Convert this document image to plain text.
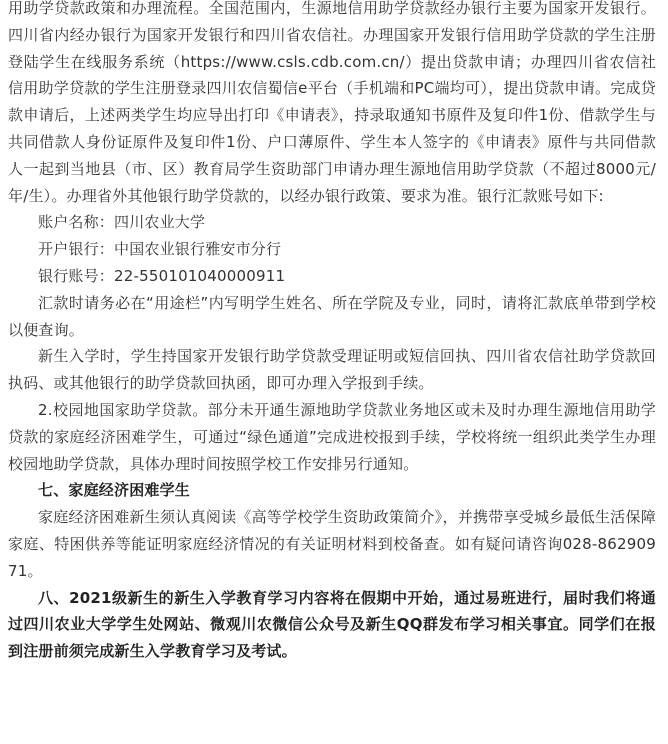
用助学贷款政策和办理流程。全国范围内，生源地信用助学贷款经办银行主要为国家开发银行。四川省内经办银行为国家开发银行和四川省农信社。办理国家开发银行信用助学贷款的学生注册登陆学生在线服务系统（https://www.csls.cdb.com.cn/）提出贷款申请；办理四川省农信社信用助学贷款的学生注册登录四川农信蜀信e平台（手机端和PC端均可），提出贷款申请。完成贷款申请后，上述两类学生均应导出打印《申请表》，持录取通知书原件及复印件1份、借款学生与共同借款人身份证原件及复印件1份、户口薄原件、学生本人签字的《申请表》原件与共同借款人一起到当地县（市、区）教育局学生资助部门申请办理生源地信用助学贷款（不超过8000元/年/生）。办理省外其他银行助学贷款的，以经办银行政策、要求为准。银行汇款账号如下:

账户名称：四川农业大学

开户银行：中国农业银行雅安市分行

银行账号：22-550101040000911

汇款时请务必在“用途栏”内写明学生姓名、所在学院及专业，同时，请将汇款底单带到学校以便查询。

新生入学时，学生持国家开发银行助学贷款受理证明或短信回执、四川省农信社助学贷款回执码、或其他银行的助学贷款回执函，即可办理入学报到手续。

2.校园地国家助学贷款。部分未开通生源地助学贷款业务地区或未及时办理生源地信用助学贷款的家庭经济困难学生，可通过“绿色通道”完成进校报到手续，学校将统一组织此类学生办理校园地助学贷款，具体办理时间按照学校工作安排另行通知。

七、家庭经济困难学生

家庭经济困难新生须认真阅读《高等学校学生资助政策简介》，并携带享受城乡最低生活保障家庭、特困供养等能证明家庭经济情况的有关证明材料到校备查。如有疑问请咨询028-86290971。

八、2021级新生的新生入学教育学习内容将在假期中开始，通过易班进行，届时我们将通过四川农业大学学生处网站、微观川农微信公众号及新生QQ群发布学习相关事宜。同学们在报到注册前须完成新生入学教育学习及考试。
